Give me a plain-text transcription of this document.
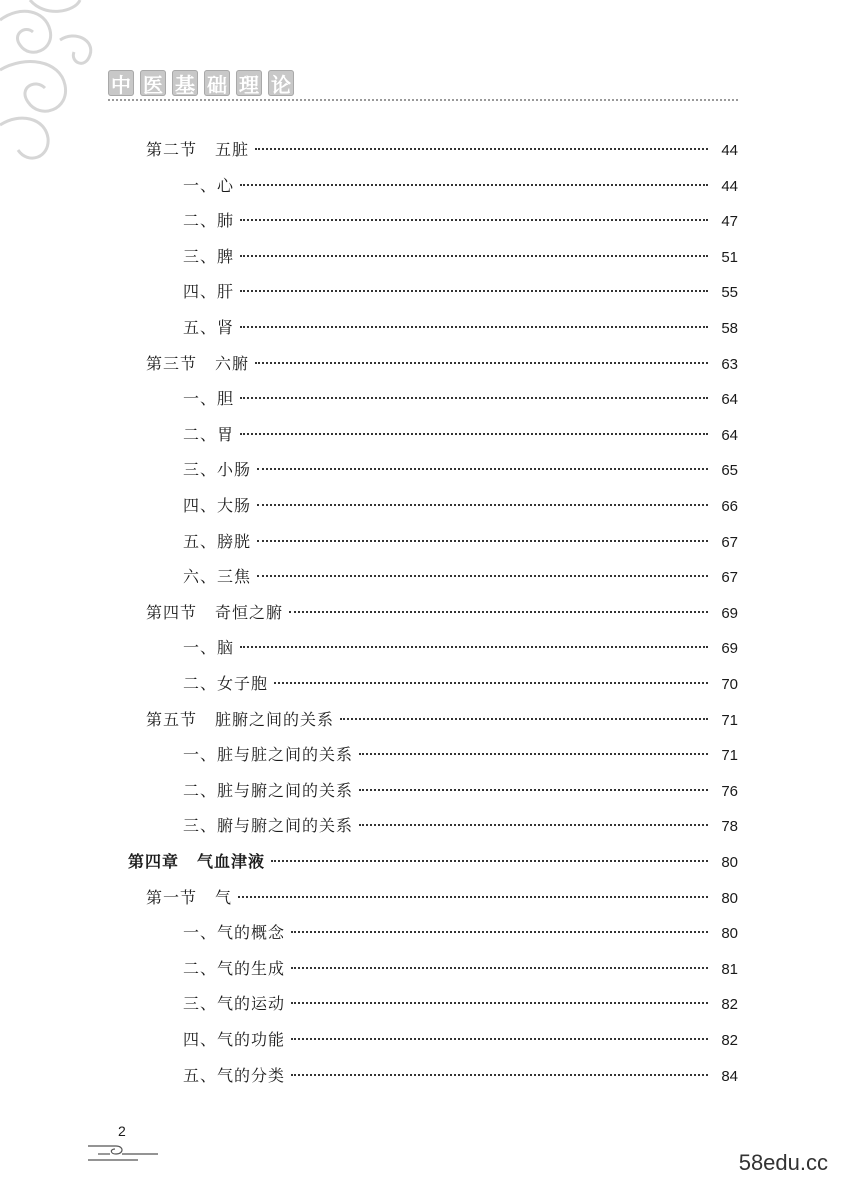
中 医 基 础 理 论
第二节 五脏	44
一、 心	44
二、 肺	47
三、 脾	51
四、 肝	55
五、 肾	58
第三节 六腑	63
一、 胆	64
二、 胃	64
三、 小肠	65
四、 大肠	66
五、 膀胱	67
六、 三焦	67
第四节 奇恒之腑	69
一、 脑	69
二、 女子胞	70
第五节 脏腑之间的关系	71
一、 脏与脏之间的关系	71
二、 脏与腑之间的关系	76
三、 腑与腑之间的关系	78
第四章 气血津液	80
第一节 气	80
一、 气的概念	80
二、 气的生成	81
三、 气的运动	82
四、 气的功能	82
五、 气的分类	84
2
58edu.cc
